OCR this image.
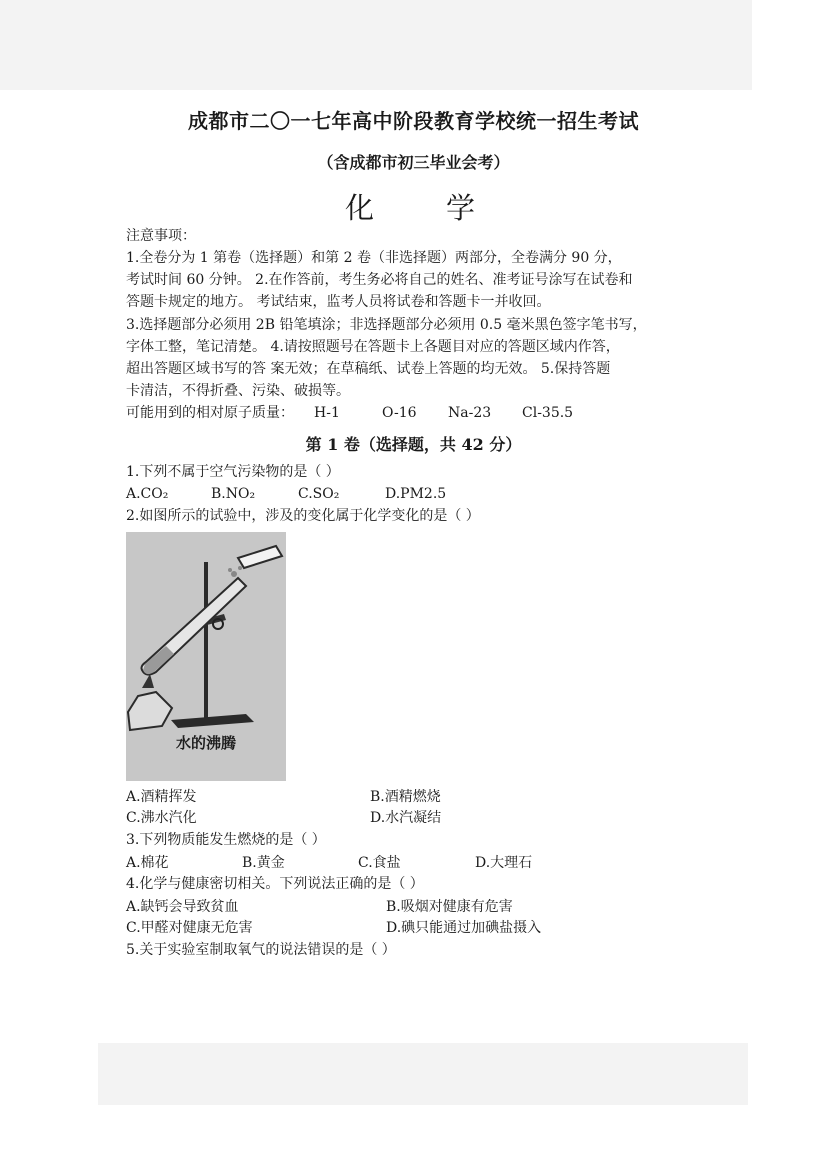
成都市二〇一七年高中阶段教育学校统一招生考试
（含成都市初三毕业会考）
化 学
注意事项：
1.全卷分为 1 第卷（选择题）和第 2 卷（非选择题）两部分，全卷满分 90 分，
考试时间 60 分钟。 2.在作答前，考生务必将自己的姓名、准考证号涂写在试卷和
答题卡规定的地方。 考试结束，监考人员将试卷和答题卡一并收回。
3.选择题部分必须用 2B 铅笔填涂；非选择题部分必须用 0.5 毫米黑色签字笔书写，
字体工整，笔记清楚。 4.请按照题号在答题卡上各题目对应的答题区域内作答，
超出答题区域书写的答 案无效；在草稿纸、试卷上答题的均无效。 5.保持答题
卡清洁，不得折叠、污染、破损等。
可能用到的相对原子质量： H-1	O-16 Na-23 Cl-35.5
第 1 卷（选择题，共 42 分）
1.下列不属于空气污染物的是（ ）
A.CO₂	B.NO₂	C.SO₂	D.PM2.5
2.如图所示的试验中，涉及的变化属于化学变化的是（ ）
水的沸腾
A.酒精挥发	B.酒精燃烧
C.沸水汽化	D.水汽凝结
3.下列物质能发生燃烧的是（ ）
A.棉花	B.黄金	C.食盐	D.大理石
4.化学与健康密切相关。下列说法正确的是（ ）
A.缺钙会导致贫血	B.吸烟对健康有危害
C.甲醛对健康无危害	D.碘只能通过加碘盐摄入
5.关于实验室制取氧气的说法错误的是（ ）
